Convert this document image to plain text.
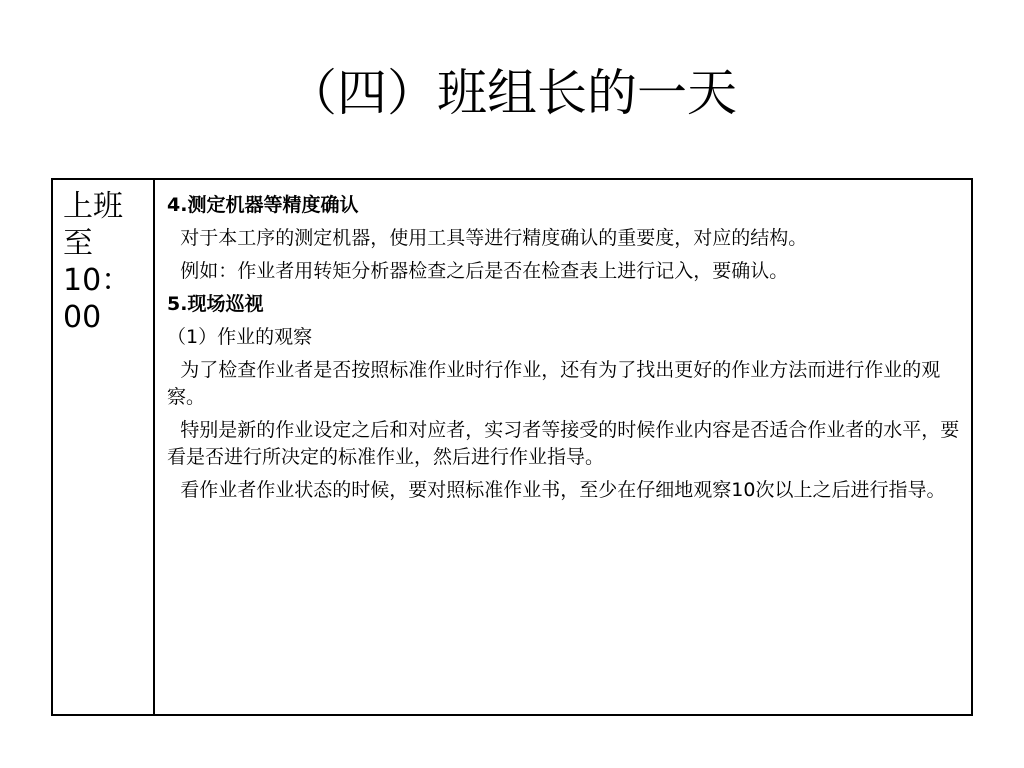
（四）班组长的一天
上班
至
10：
00

4.测定机器等精度确认
对于本工序的测定机器，使用工具等进行精度确认的重要度，对应的结构。
例如：作业者用转矩分析器检查之后是否在检查表上进行记入，要确认。
5.现场巡视
（1）作业的观察
为了检查作业者是否按照标准作业时行作业，还有为了找出更好的作业方法而进行作业的观察。
特别是新的作业设定之后和对应者，实习者等接受的时候作业内容是否适合作业者的水平，要看是否进行所决定的标准作业，然后进行作业指导。
看作业者作业状态的时候，要对照标准作业书，至少在仔细地观察10次以上之后进行指导。
